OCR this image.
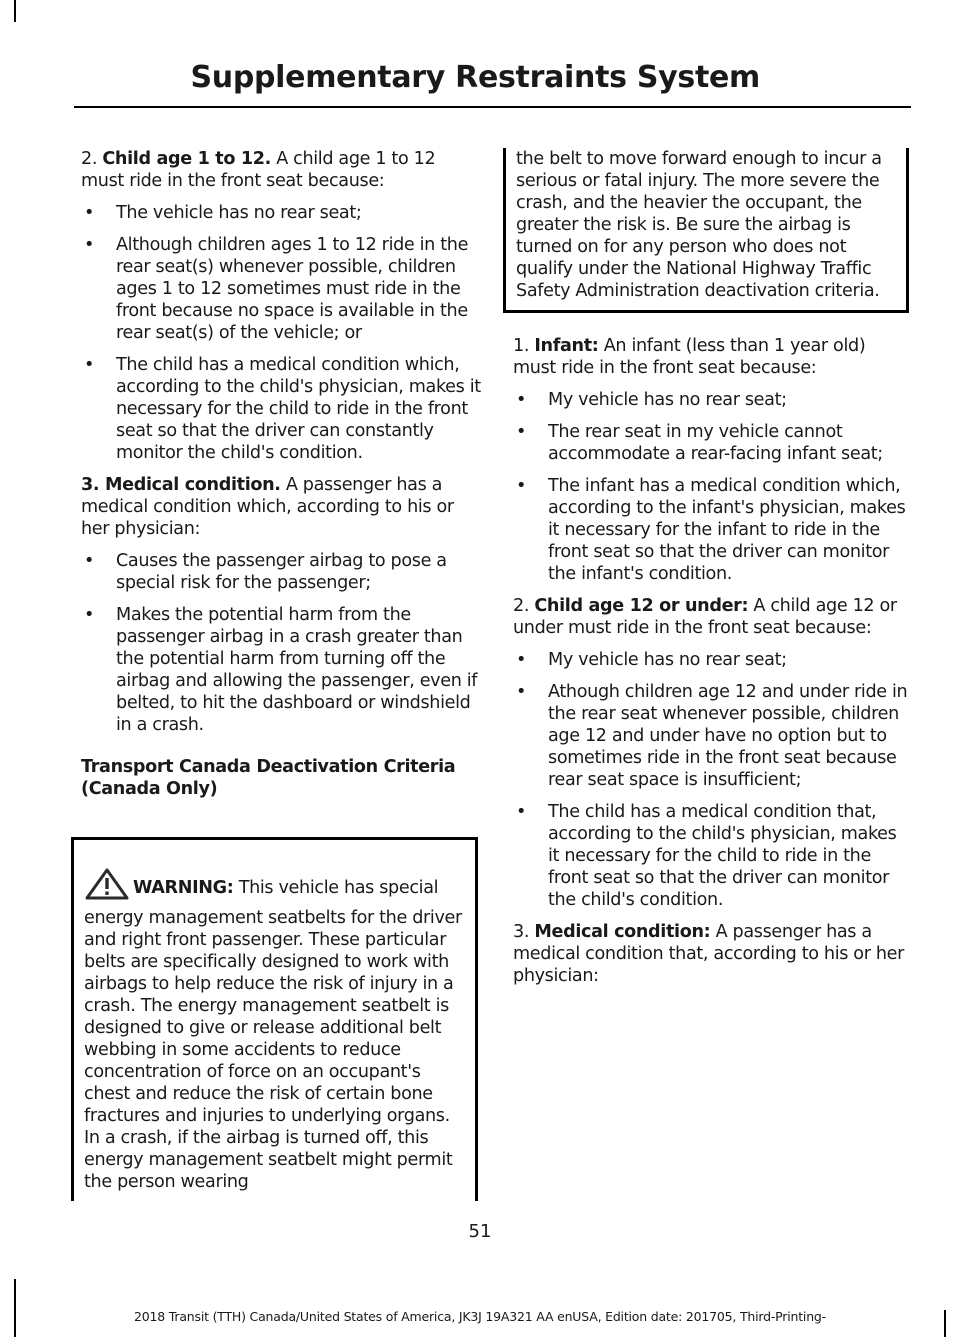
Supplementary Restraints System

2. Child age 1 to 12. A child age 1 to 12 must ride in the front seat because:

• The vehicle has no rear seat;
• Although children ages 1 to 12 ride in the rear seat(s) whenever possible, children ages 1 to 12 sometimes must ride in the front because no space is available in the rear seat(s) of the vehicle; or
• The child has a medical condition which, according to the child's physician, makes it necessary for the child to ride in the front seat so that the driver can constantly monitor the child's condition.

3. Medical condition. A passenger has a medical condition which, according to his or her physician:

• Causes the passenger airbag to pose a special risk for the passenger;
• Makes the potential harm from the passenger airbag in a crash greater than the potential harm from turning off the airbag and allowing the passenger, even if belted, to hit the dashboard or windshield in a crash.

Transport Canada Deactivation Criteria (Canada Only)

WARNING: This vehicle has special energy management seatbelts for the driver and right front passenger. These particular belts are specifically designed to work with airbags to help reduce the risk of injury in a crash. The energy management seatbelt is designed to give or release additional belt webbing in some accidents to reduce concentration of force on an occupant's chest and reduce the risk of certain bone fractures and injuries to underlying organs. In a crash, if the airbag is turned off, this energy management seatbelt might permit the person wearing
the belt to move forward enough to incur a serious or fatal injury. The more severe the crash, and the heavier the occupant, the greater the risk is. Be sure the airbag is turned on for any person who does not qualify under the National Highway Traffic Safety Administration deactivation criteria.

1. Infant: An infant (less than 1 year old) must ride in the front seat because:

• My vehicle has no rear seat;
• The rear seat in my vehicle cannot accommodate a rear-facing infant seat;
• The infant has a medical condition which, according to the infant's physician, makes it necessary for the infant to ride in the front seat so that the driver can monitor the infant's condition.

2. Child age 12 or under: A child age 12 or under must ride in the front seat because:

• My vehicle has no rear seat;
• Athough children age 12 and under ride in the rear seat whenever possible, children age 12 and under have no option but to sometimes ride in the front seat because rear seat space is insufficient;
• The child has a medical condition that, according to the child's physician, makes it necessary for the child to ride in the front seat so that the driver can monitor the child's condition.

3. Medical condition: A passenger has a medical condition that, according to his or her physician:

51
2018 Transit (TTH) Canada/United States of America, JK3J 19A321 AA enUSA, Edition date: 201705, Third-Printing-
